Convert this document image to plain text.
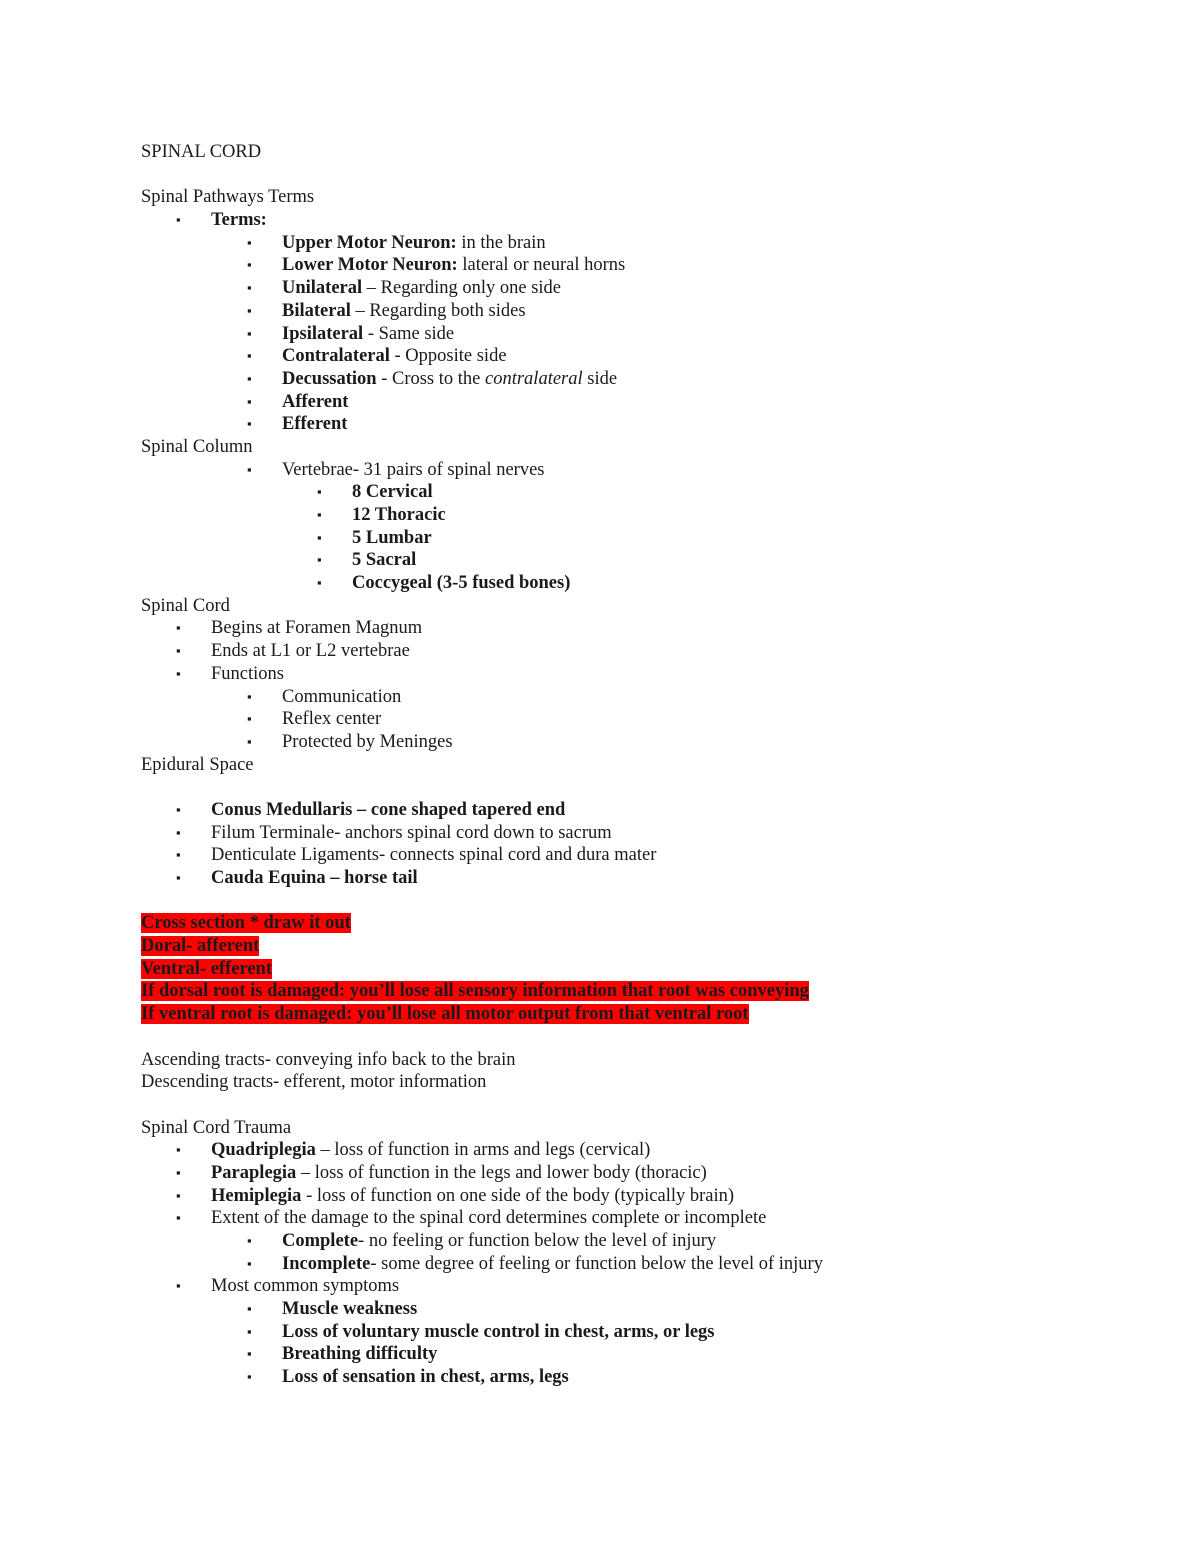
SPINAL CORD
Spinal Pathways Terms
▪ Terms:
▪ Upper Motor Neuron: in the brain
▪ Lower Motor Neuron: lateral or neural horns
▪ Unilateral – Regarding only one side
▪ Bilateral – Regarding both sides
▪ Ipsilateral - Same side
▪ Contralateral - Opposite side
▪ Decussation - Cross to the contralateral side
▪ Afferent
▪ Efferent
Spinal Column
▪ Vertebrae- 31 pairs of spinal nerves
▪ 8 Cervical
▪ 12 Thoracic
▪ 5 Lumbar
▪ 5 Sacral
▪ Coccygeal (3-5 fused bones)
Spinal Cord
▪ Begins at Foramen Magnum
▪ Ends at L1 or L2 vertebrae
▪ Functions
▪ Communication
▪ Reflex center
▪ Protected by Meninges
Epidural Space
▪ Conus Medullaris – cone shaped tapered end
▪ Filum Terminale- anchors spinal cord down to sacrum
▪ Denticulate Ligaments- connects spinal cord and dura mater
▪ Cauda Equina – horse tail
Cross section * draw it out
Doral- afferent
Ventral- efferent
If dorsal root is damaged: you’ll lose all sensory information that root was conveying
If ventral root is damaged: you’ll lose all motor output from that ventral root
Ascending tracts- conveying info back to the brain
Descending tracts- efferent, motor information
Spinal Cord Trauma
▪ Quadriplegia – loss of function in arms and legs (cervical)
▪ Paraplegia – loss of function in the legs and lower body (thoracic)
▪ Hemiplegia - loss of function on one side of the body (typically brain)
▪ Extent of the damage to the spinal cord determines complete or incomplete
▪ Complete- no feeling or function below the level of injury
▪ Incomplete- some degree of feeling or function below the level of injury
▪ Most common symptoms
▪ Muscle weakness
▪ Loss of voluntary muscle control in chest, arms, or legs
▪ Breathing difficulty
▪ Loss of sensation in chest, arms, legs
